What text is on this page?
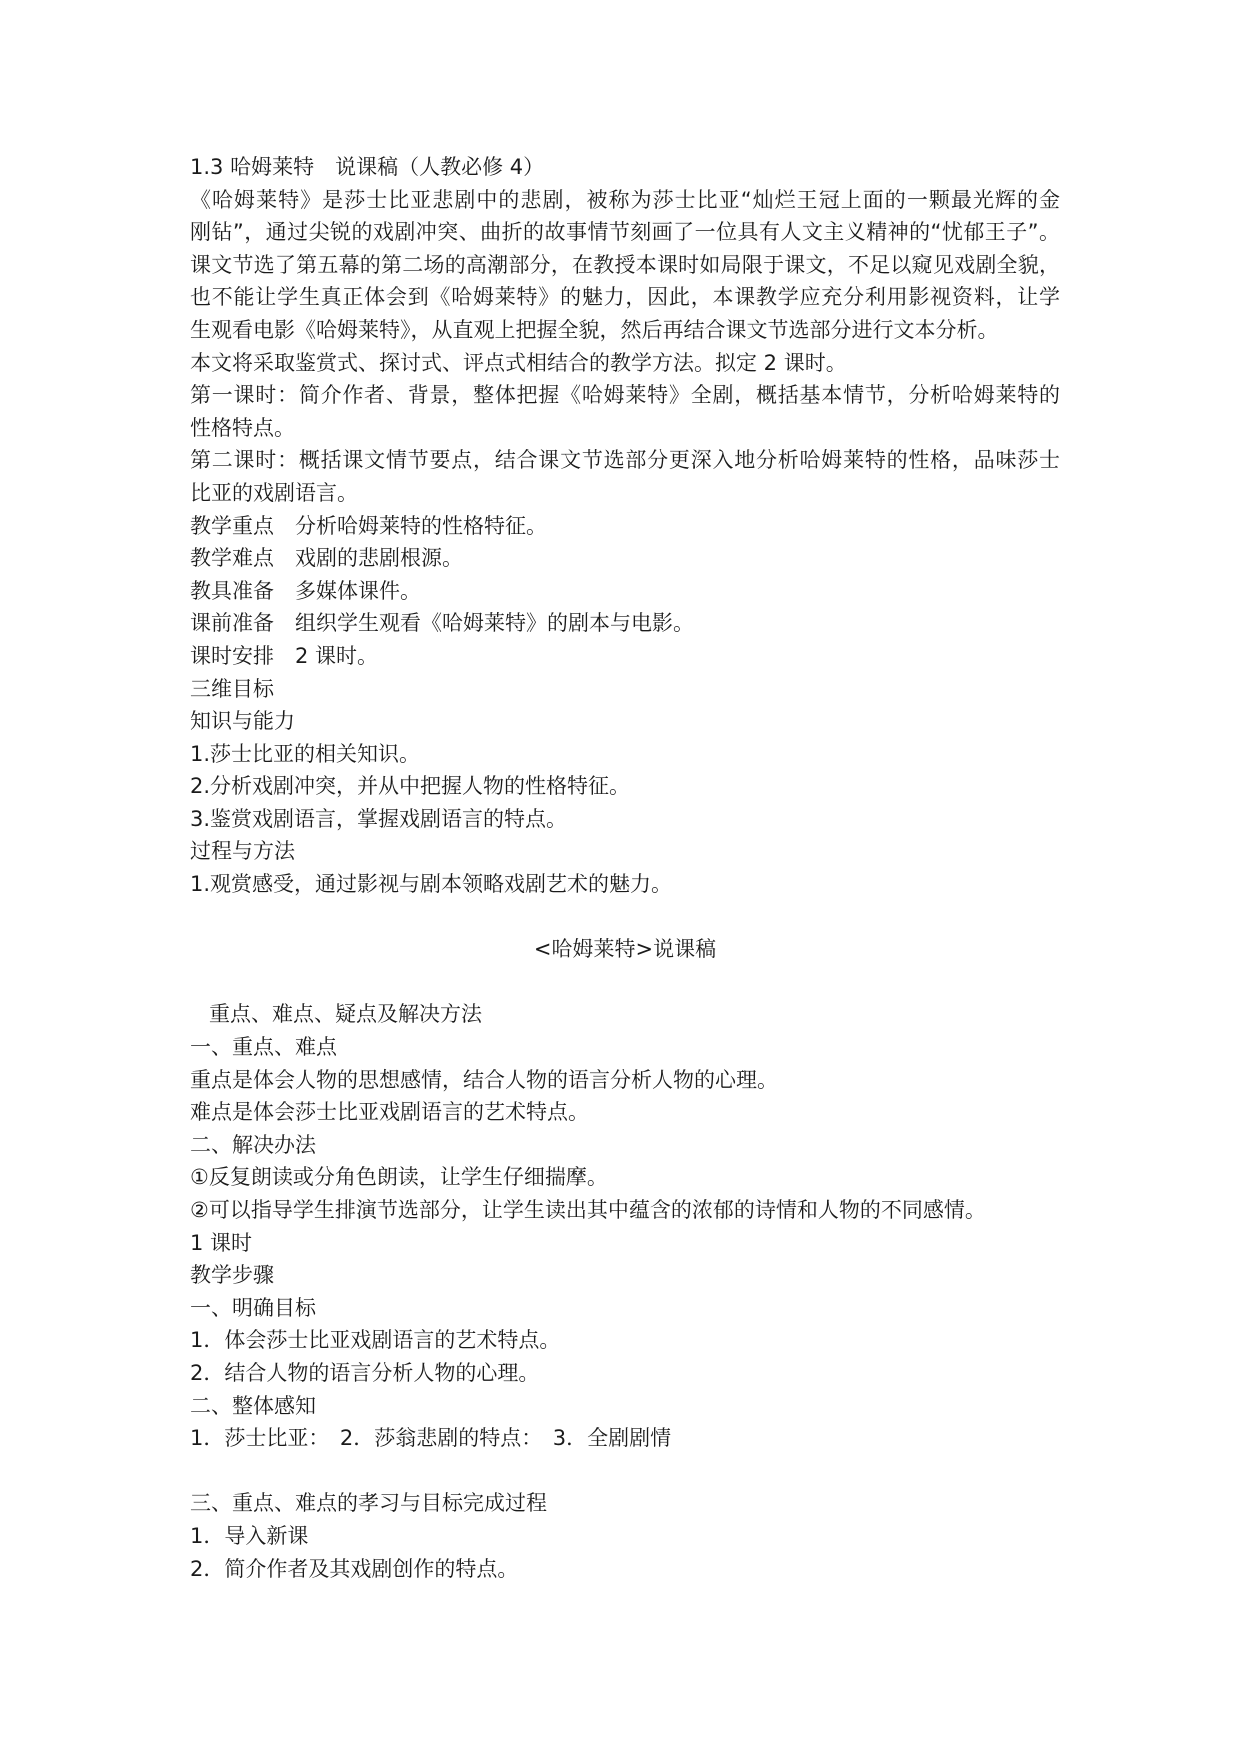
1.3 哈姆莱特　说课稿（人教必修 4）
《哈姆莱特》是莎士比亚悲剧中的悲剧，被称为莎士比亚“灿烂王冠上面的一颗最光辉的金
刚钻”，通过尖锐的戏剧冲突、曲折的故事情节刻画了一位具有人文主义精神的“忧郁王子”。
课文节选了第五幕的第二场的高潮部分，在教授本课时如局限于课文，不足以窥见戏剧全貌，
也不能让学生真正体会到《哈姆莱特》的魅力，因此，本课教学应充分利用影视资料，让学
生观看电影《哈姆莱特》，从直观上把握全貌，然后再结合课文节选部分进行文本分析。
本文将采取鉴赏式、探讨式、评点式相结合的教学方法。拟定 2 课时。
第一课时：简介作者、背景，整体把握《哈姆莱特》全剧，概括基本情节，分析哈姆莱特的
性格特点。
第二课时：概括课文情节要点，结合课文节选部分更深入地分析哈姆莱特的性格，品味莎士
比亚的戏剧语言。
教学重点　分析哈姆莱特的性格特征。
教学难点　戏剧的悲剧根源。
教具准备　多媒体课件。
课前准备　组织学生观看《哈姆莱特》的剧本与电影。
课时安排　2 课时。
三维目标
知识与能力
1.莎士比亚的相关知识。
2.分析戏剧冲突，并从中把握人物的性格特征。
3.鉴赏戏剧语言，掌握戏剧语言的特点。
过程与方法
1.观赏感受，通过影视与剧本领略戏剧艺术的魅力。
<哈姆莱特>说课稿
重点、难点、疑点及解决方法
一、重点、难点
重点是体会人物的思想感情，结合人物的语言分析人物的心理。
难点是体会莎士比亚戏剧语言的艺术特点。
二、解决办法
①反复朗读或分角色朗读，让学生仔细揣摩。
②可以指导学生排演节选部分，让学生读出其中蕴含的浓郁的诗情和人物的不同感情。
1 课时
教学步骤
一、明确目标
1．体会莎士比亚戏剧语言的艺术特点。
2．结合人物的语言分析人物的心理。
二、整体感知
1．莎士比亚：　2．莎翁悲剧的特点：　3．全剧剧情
三、重点、难点的孝习与目标完成过程
1．导入新课
2．简介作者及其戏剧创作的特点。
